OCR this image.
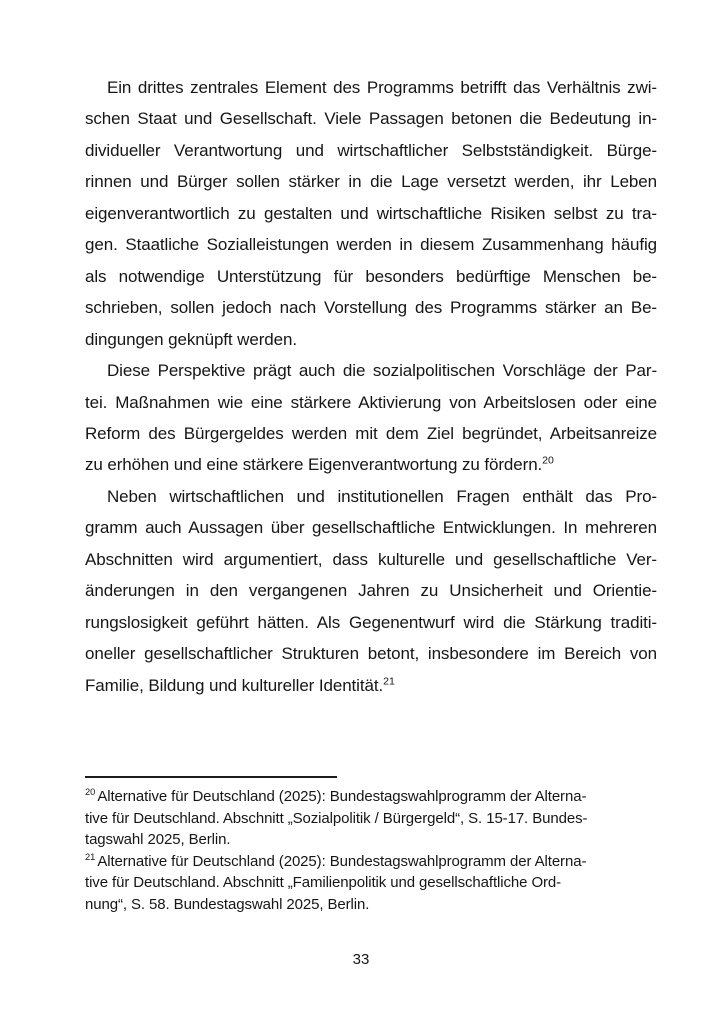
Ein drittes zentrales Element des Programms betrifft das Verhältnis zwi-
schen Staat und Gesellschaft. Viele Passagen betonen die Bedeutung in-
dividueller Verantwortung und wirtschaftlicher Selbstständigkeit. Bürge-
rinnen und Bürger sollen stärker in die Lage versetzt werden, ihr Leben
eigenverantwortlich zu gestalten und wirtschaftliche Risiken selbst zu tra-
gen. Staatliche Sozialleistungen werden in diesem Zusammenhang häufig
als notwendige Unterstützung für besonders bedürftige Menschen be-
schrieben, sollen jedoch nach Vorstellung des Programms stärker an Be-
dingungen geknüpft werden.
Diese Perspektive prägt auch die sozialpolitischen Vorschläge der Par-
tei. Maßnahmen wie eine stärkere Aktivierung von Arbeitslosen oder eine
Reform des Bürgergeldes werden mit dem Ziel begründet, Arbeitsanreize
zu erhöhen und eine stärkere Eigenverantwortung zu fördern.$^{20}$
Neben wirtschaftlichen und institutionellen Fragen enthält das Pro-
gramm auch Aussagen über gesellschaftliche Entwicklungen. In mehreren
Abschnitten wird argumentiert, dass kulturelle und gesellschaftliche Ver-
änderungen in den vergangenen Jahren zu Unsicherheit und Orientie-
rungslosigkeit geführt hätten. Als Gegenentwurf wird die Stärkung traditi-
oneller gesellschaftlicher Strukturen betont, insbesondere im Bereich von
Familie, Bildung und kultureller Identität.$^{21}$
$^{20}$ Alternative für Deutschland (2025): Bundestagswahlprogramm der Alterna-
tive für Deutschland. Abschnitt „Sozialpolitik / Bürgergeld“, S. 15-17. Bundes-
tagswahl 2025, Berlin.
$^{21}$ Alternative für Deutschland (2025): Bundestagswahlprogramm der Alterna-
tive für Deutschland. Abschnitt „Familienpolitik und gesellschaftliche Ord-
nung“, S. 58. Bundestagswahl 2025, Berlin.
33
